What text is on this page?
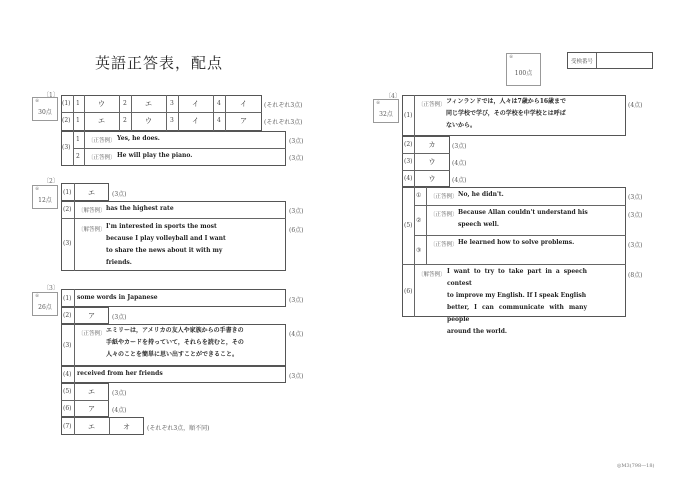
英語正答表，配点	※
100点
受検番号
〔1〕
※
30点
(1) 1	ウ	2	エ	3	イ	4	イ	(それぞれ3点)
(2) 1	エ	2	ウ	3	イ	4	ア	(それぞれ3点)
(3)
1 〔正答例〕 Yes, he does.	(3点)
2 〔正答例〕 He will play the piano.	(3点)
〔2〕
※
12点
(1)	エ	(3点)
(2) 〔解答例〕 has the highest rate	(3点)
(3)
〔解答例〕 I'm interested in sports the most
because I play volleyball and I want
to share the news about it with my
friends.
(6点)
〔3〕
※
26点
(1) some words in Japanese	(3点)
(2)	ア	(3点)
(3)
〔正答例〕 エミリーは，アメリカの友人や家族からの手書きの
手紙やカードを持っていて，それらを読むと，その
人々のことを簡単に思い出すことができること。
(4点)
(4) received from her friends	(3点)
(5)	エ	(3点)
(6)	ア	(4点)
(7)	エ	オ	(それぞれ3点，順不同)
〔4〕
※
32点	(1)
〔正答例〕 フィンランドでは，人々は7歳から16歳まで
同じ学校で学び，その学校を中学校とは呼ば
ないから。
(4点)
(2)	カ	(3点)
(3)	ウ	(4点)
(4)	ウ	(4点)
(5)
① 〔正答例〕 No, he didn't.	(3点)
②
〔正答例〕 Because Allan couldn't understand his
speech well.
(3点)
③
〔正答例〕 He learned how to solve problems.	(3点)
(6)
〔解答例〕 I want to try to take part in a speech contest
to improve my English. If I speak English
better, I can communicate with many people
around the world.
(8点)
◎M3(798—18)
